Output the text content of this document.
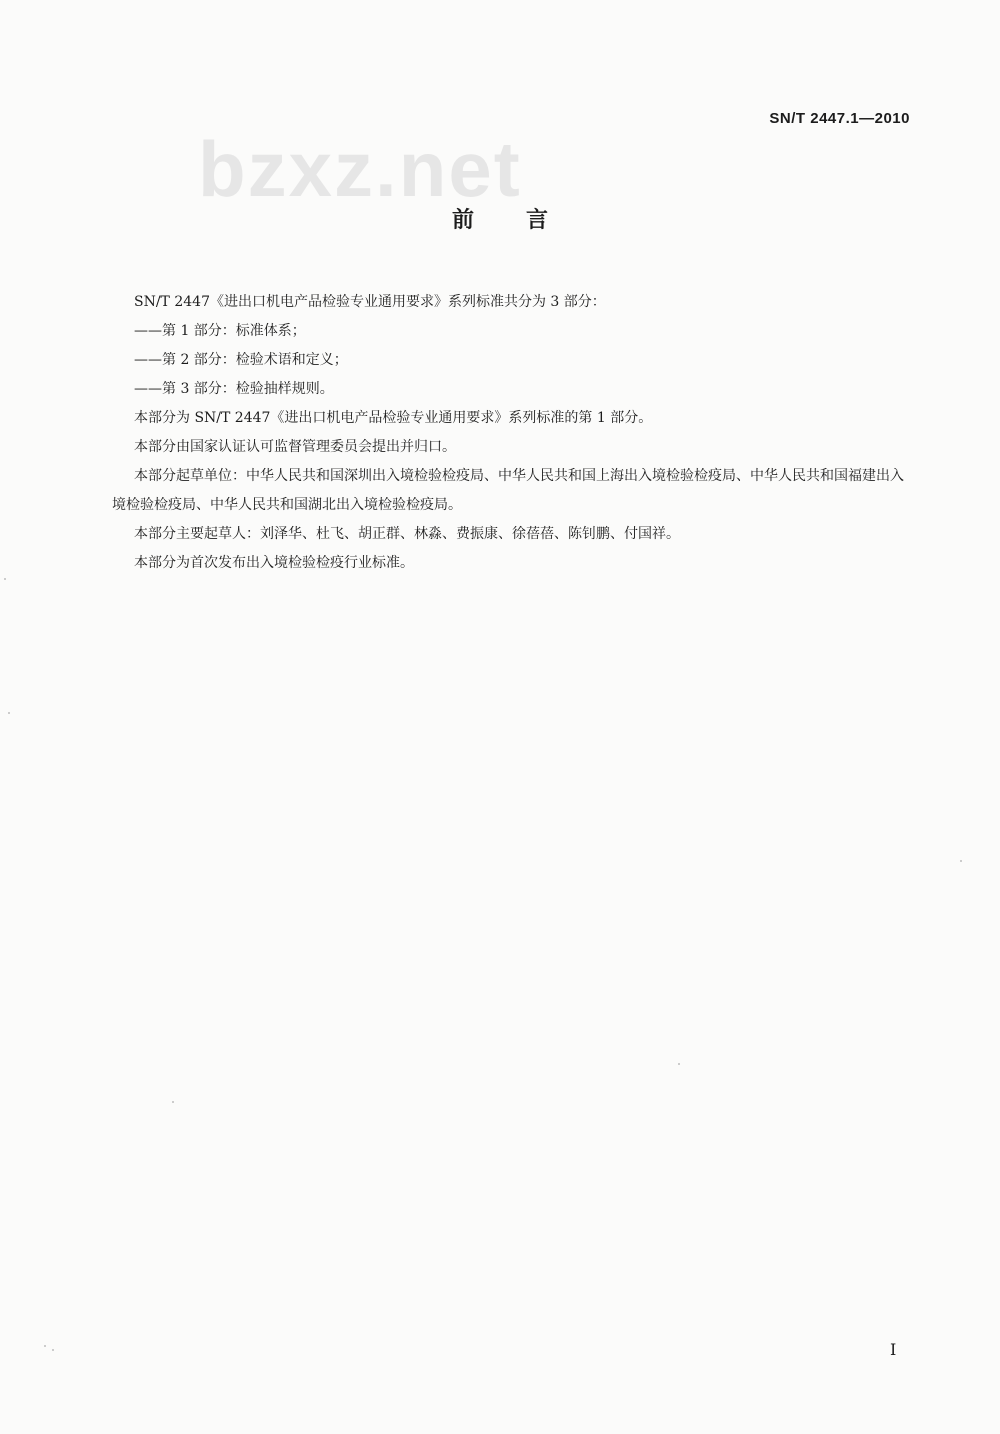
bzxz.net
SN/T 2447.1—2010
前言

SN/T 2447《进出口机电产品检验专业通用要求》系列标准共分为 3 部分：

——第 1 部分：标准体系；

——第 2 部分：检验术语和定义；

——第 3 部分：检验抽样规则。

本部分为 SN/T 2447《进出口机电产品检验专业通用要求》系列标准的第 1 部分。

本部分由国家认证认可监督管理委员会提出并归口。

本部分起草单位：中华人民共和国深圳出入境检验检疫局、中华人民共和国上海出入境检验检疫局、中华人民共和国福建出入境检验检疫局、中华人民共和国湖北出入境检验检疫局。

本部分主要起草人：刘泽华、杜飞、胡正群、林淼、费振康、徐蓓蓓、陈钊鹏、付国祥。

本部分为首次发布出入境检验检疫行业标准。

I
